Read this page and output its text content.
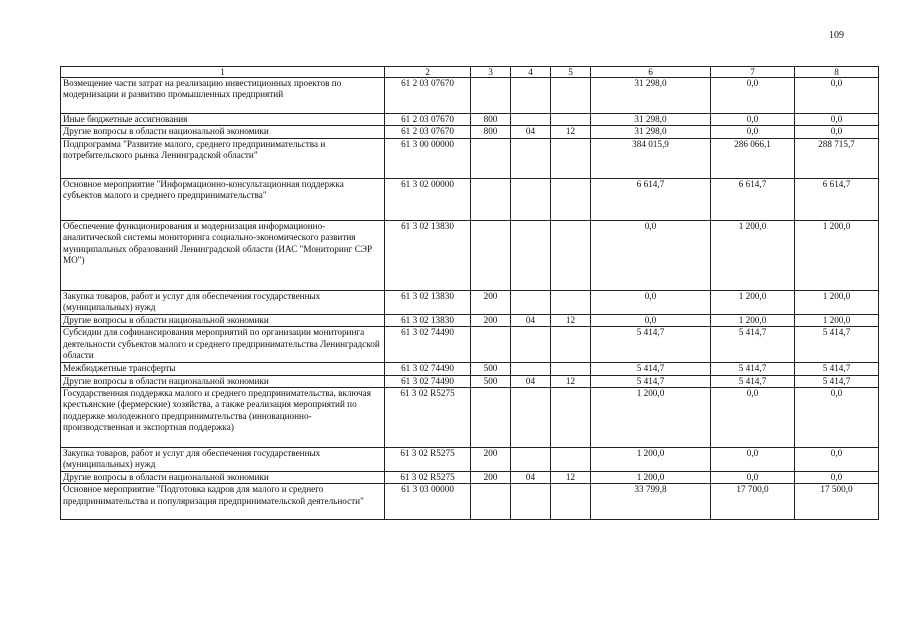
109
1	2	3	4	5	6	7	8
Возмещение части затрат на реализацию инвестиционных проектов по модернизации и развитию промышленных предприятий	61 2 03 07670				31 298,0	0,0	0,0
Иные бюджетные ассигнования	61 2 03 07670	800			31 298,0	0,0	0,0
Другие вопросы в области национальной экономики	61 2 03 07670	800	04	12	31 298,0	0,0	0,0
Подпрограмма "Развитие малого, среднего предпринимательства и потребительского рынка Ленинградской области"	61 3 00 00000				384 015,9	286 066,1	288 715,7
Основное мероприятие "Информационно-консультационная поддержка субъектов малого и среднего предпринимательства"	61 3 02 00000				6 614,7	6 614,7	6 614,7
Обеспечение функционирования и модернизация информационно-аналитической системы мониторинга социально-экономического развития муниципальных образований Ленинградской области (ИАС "Мониторинг СЭР МО")	61 3 02 13830				0,0	1 200,0	1 200,0
Закупка товаров, работ и услуг для обеспечения государственных (муниципальных) нужд	61 3 02 13830	200			0,0	1 200,0	1 200,0
Другие вопросы в области национальной экономики	61 3 02 13830	200	04	12	0,0	1 200,0	1 200,0
Субсидии для софинансирования мероприятий по организации мониторинга деятельности субъектов малого и среднего предпринимательства Ленинградской области	61 3 02 74490				5 414,7	5 414,7	5 414,7
Межбюджетные трансферты	61 3 02 74490	500			5 414,7	5 414,7	5 414,7
Другие вопросы в области национальной экономики	61 3 02 74490	500	04	12	5 414,7	5 414,7	5 414,7
Государственная поддержка малого и среднего предпринимательства, включая крестьянские (фермерские) хозяйства, а также реализация мероприятий по поддержке молодежного предпринимательства (инновационно-производственная и экспортная поддержка)	61 3 02 R5275				1 200,0	0,0	0,0
Закупка товаров, работ и услуг для обеспечения государственных (муниципальных) нужд	61 3 02 R5275	200			1 200,0	0,0	0,0
Другие вопросы в области национальной экономики	61 3 02 R5275	200	04	12	1 200,0	0,0	0,0
Основное мероприятие "Подготовка кадров для малого и среднего предпринимательства и популяризация предпринимательской деятельности"	61 3 03 00000				33 799,8	17 700,0	17 500,0
